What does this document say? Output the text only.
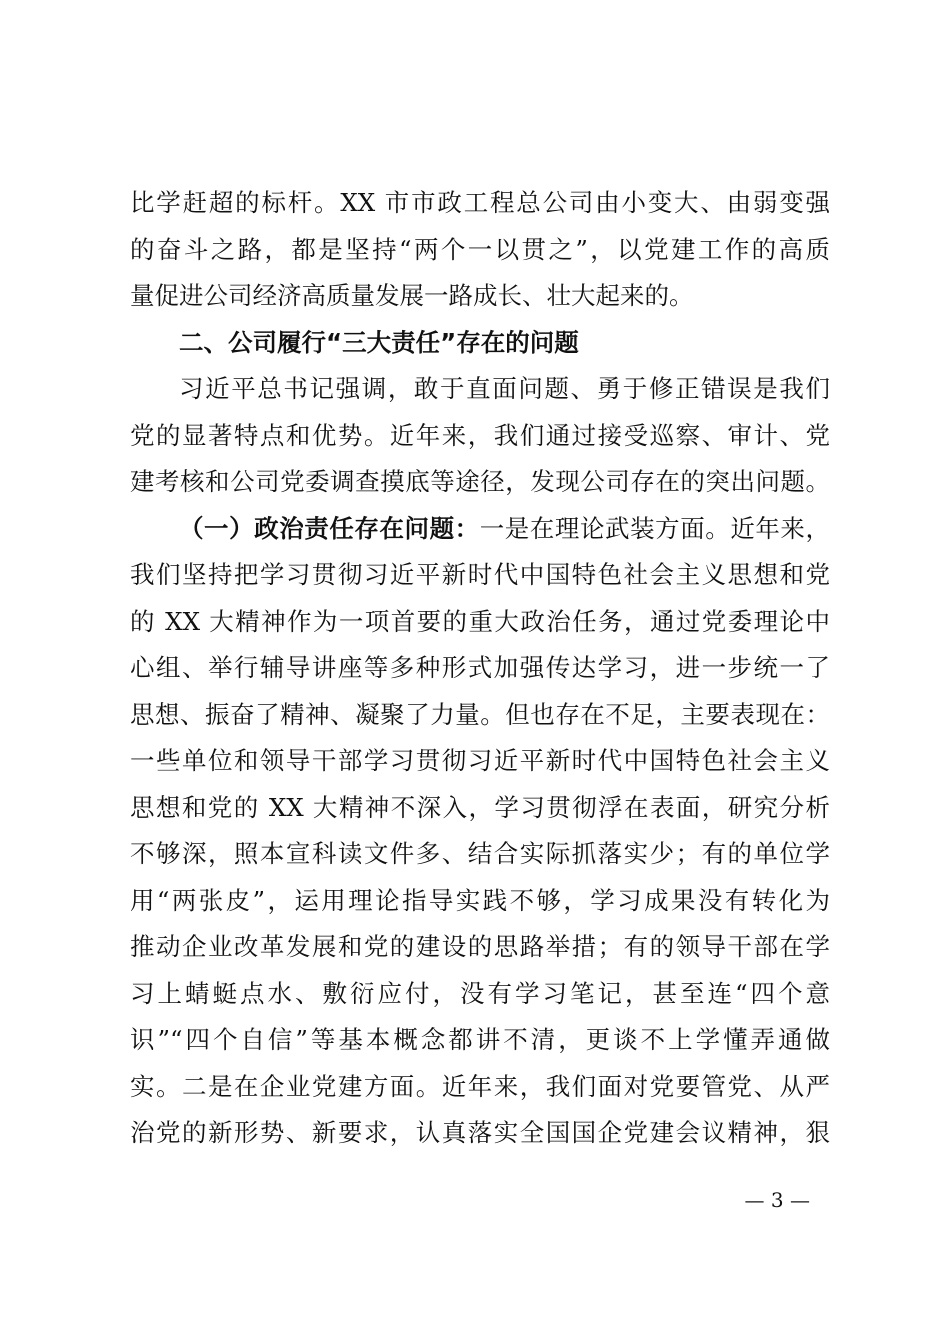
比学赶超的标杆。XX 市市政工程总公司由小变大、由弱变强
的奋斗之路，都是坚持“两个一以贯之”，以党建工作的高质
量促进公司经济高质量发展一路成长、壮大起来的。
二、公司履行“三大责任”存在的问题
习近平总书记强调，敢于直面问题、勇于修正错误是我们
党的显著特点和优势。近年来，我们通过接受巡察、审计、党
建考核和公司党委调查摸底等途径，发现公司存在的突出问题。
（一）政治责任存在问题：一是在理论武装方面。近年来，
我们坚持把学习贯彻习近平新时代中国特色社会主义思想和党
的 XX 大精神作为一项首要的重大政治任务，通过党委理论中
心组、举行辅导讲座等多种形式加强传达学习，进一步统一了
思想、振奋了精神、凝聚了力量。但也存在不足，主要表现在：
一些单位和领导干部学习贯彻习近平新时代中国特色社会主义
思想和党的 XX 大精神不深入，学习贯彻浮在表面，研究分析
不够深，照本宣科读文件多、结合实际抓落实少；有的单位学
用“两张皮”，运用理论指导实践不够，学习成果没有转化为
推动企业改革发展和党的建设的思路举措；有的领导干部在学
习上蜻蜓点水、敷衍应付，没有学习笔记，甚至连“四个意
识”“四个自信”等基本概念都讲不清，更谈不上学懂弄通做
实。二是在企业党建方面。近年来，我们面对党要管党、从严
治党的新形势、新要求，认真落实全国国企党建会议精神，狠
— 3 —
